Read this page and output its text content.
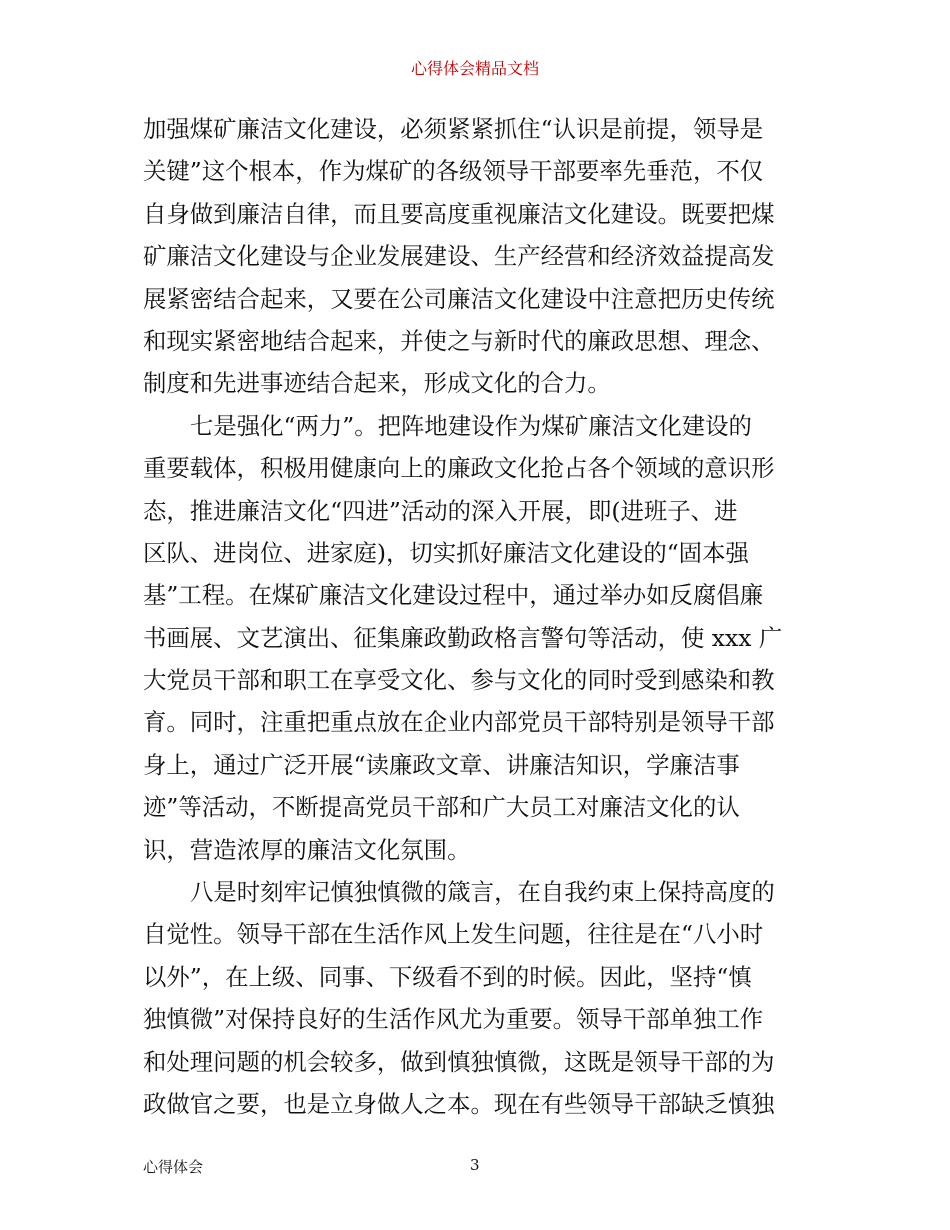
心得体会精品文档
加强煤矿廉洁文化建设，必须紧紧抓住“认识是前提，领导是
关键”这个根本，作为煤矿的各级领导干部要率先垂范，不仅
自身做到廉洁自律，而且要高度重视廉洁文化建设。既要把煤
矿廉洁文化建设与企业发展建设、生产经营和经济效益提高发
展紧密结合起来，又要在公司廉洁文化建设中注意把历史传统
和现实紧密地结合起来，并使之与新时代的廉政思想、理念、
制度和先进事迹结合起来，形成文化的合力。
七是强化“两力”。把阵地建设作为煤矿廉洁文化建设的
重要载体，积极用健康向上的廉政文化抢占各个领域的意识形
态，推进廉洁文化“四进”活动的深入开展，即(进班子、进
区队、进岗位、进家庭)，切实抓好廉洁文化建设的“固本强
基”工程。在煤矿廉洁文化建设过程中，通过举办如反腐倡廉
书画展、文艺演出、征集廉政勤政格言警句等活动，使 xxx 广
大党员干部和职工在享受文化、参与文化的同时受到感染和教
育。同时，注重把重点放在企业内部党员干部特别是领导干部
身上，通过广泛开展“读廉政文章、讲廉洁知识，学廉洁事
迹”等活动，不断提高党员干部和广大员工对廉洁文化的认
识，营造浓厚的廉洁文化氛围。
八是时刻牢记慎独慎微的箴言，在自我约束上保持高度的
自觉性。领导干部在生活作风上发生问题，往往是在“八小时
以外”，在上级、同事、下级看不到的时候。因此，坚持“慎
独慎微”对保持良好的生活作风尤为重要。领导干部单独工作
和处理问题的机会较多，做到慎独慎微，这既是领导干部的为
政做官之要，也是立身做人之本。现在有些领导干部缺乏慎独
心得体会	3
